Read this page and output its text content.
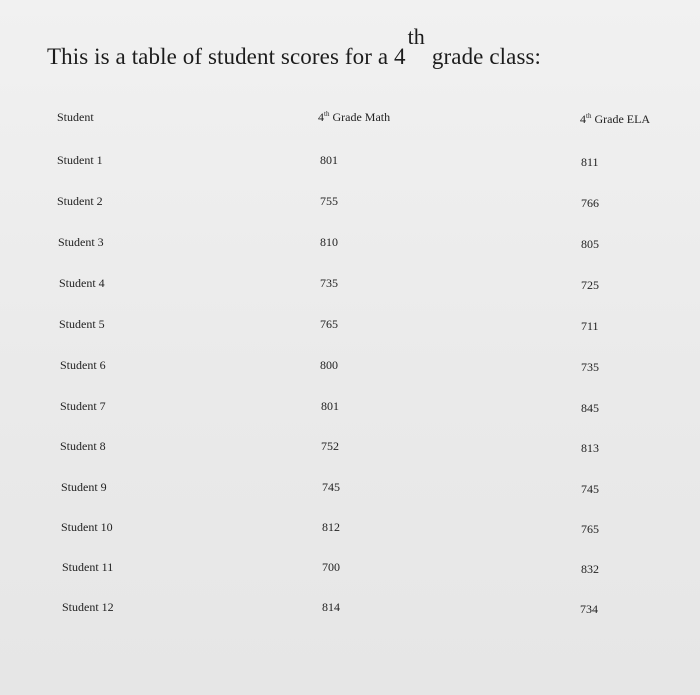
This is a table of student scores for a 4thgrade class:
Student	4th Grade Math	4th Grade ELA
Student 1	801	811
Student 2	755	766
Student 3	810	805
Student 4	735	725
Student 5	765	711
Student 6	800	735
Student 7	801	845
Student 8	752	813
Student 9	745	745
Student 10	812	765
Student 11	700	832
Student 12	814	734
